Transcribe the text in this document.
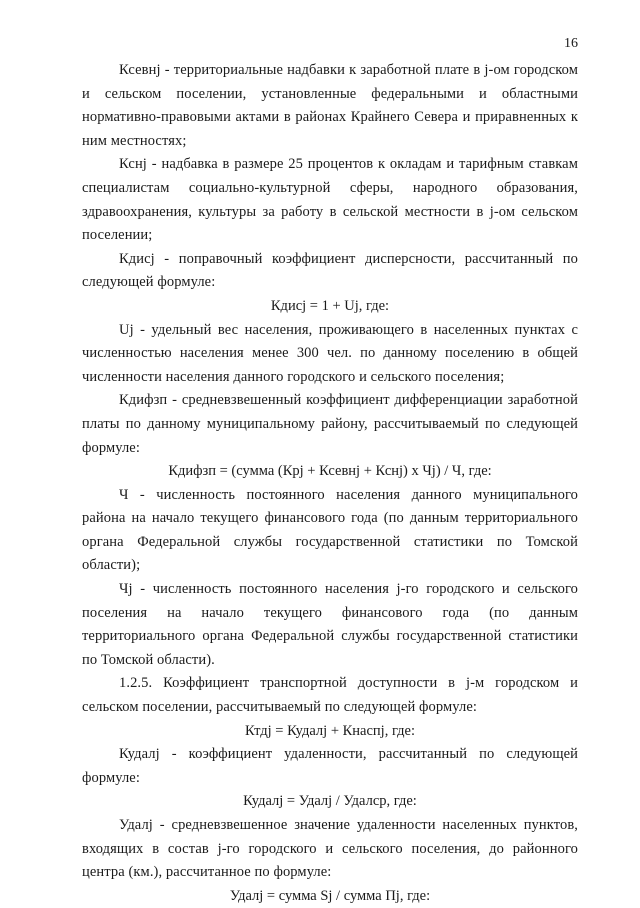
16

Ксевнj - территориальные надбавки к заработной плате в j-ом городском и сельском поселении, установленные федеральными и областными нормативно-правовыми актами в районах Крайнего Севера и приравненных к ним местностях;

Кснj - надбавка в размере 25 процентов к окладам и тарифным ставкам специалистам социально-культурной сферы, народного образования, здравоохранения, культуры за работу в сельской местности в j-ом сельском поселении;

Кдисj - поправочный коэффициент дисперсности, рассчитанный по следующей формуле:

Кдисj = 1 + Uj, где:

Uj - удельный вес населения, проживающего в населенных пунктах с численностью населения менее 300 чел. по данному поселению в общей численности населения данного городского и сельского поселения;

Кдифзп - средневзвешенный коэффициент дифференциации заработной платы по данному муниципальному району, рассчитываемый по следующей формуле:

Кдифзп = (сумма (Крj + Ксевнj + Кснj) х Чj) / Ч, где:

Ч - численность постоянного населения данного муниципального района на начало текущего финансового года (по данным территориального органа Федеральной службы государственной статистики по Томской области);

Чj - численность постоянного населения j-го городского и сельского поселения на начало текущего финансового года (по данным территориального органа Федеральной службы государственной статистики по Томской области).

1.2.5. Коэффициент транспортной доступности в j-м городском и сельском поселении, рассчитываемый по следующей формуле:

Ктдj = Кудалj + Кнаспj, где:

Кудалj - коэффициент удаленности, рассчитанный по следующей формуле:

Кудалj = Удалj / Удалср, где:

Удалj - средневзвешенное значение удаленности населенных пунктов, входящих в состав j-го городского и сельского поселения, до районного центра (км.), рассчитанное по формуле:

Удалj = сумма Sj / сумма Пj, где:
